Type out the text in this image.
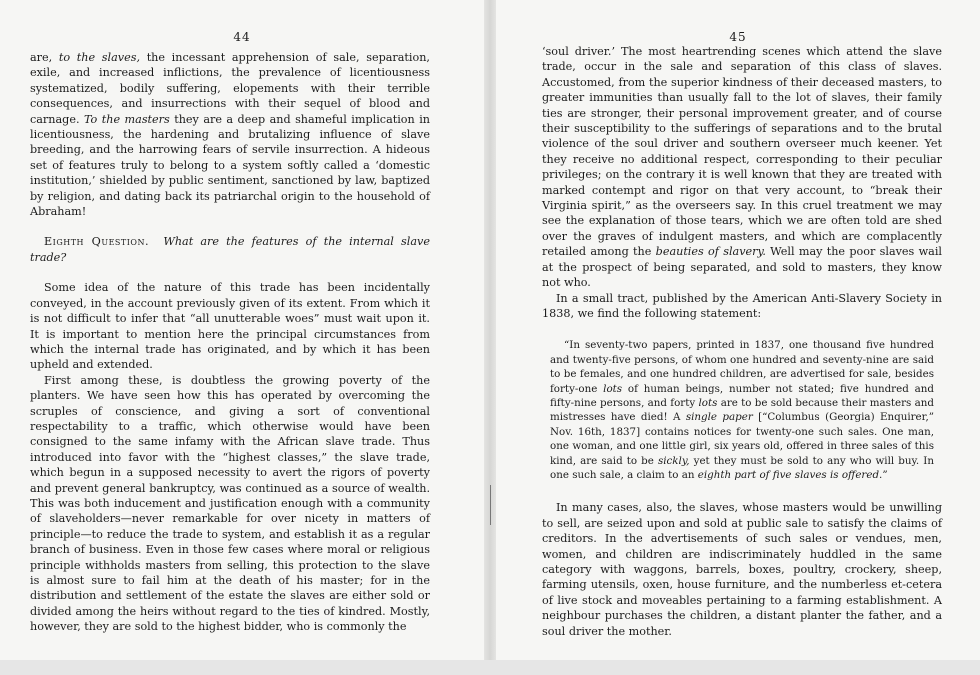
44

are, to the slaves, the incessant apprehension of sale, separation, exile, and increased inflictions, the prevalence of licentiousness systematized, bodily suffering, elopements with their terrible consequences, and insurrections with their sequel of blood and carnage. To the masters they are a deep and shameful implication in licentiousness, the hardening and brutalizing influence of slave breeding, and the harrowing fears of servile insurrection. A hideous set of features truly to belong to a system softly called a ‘domestic institution,’ shielded by public sentiment, sanctioned by law, baptized by religion, and dating back its patriarchal origin to the household of Abraham!

Eighth Question. What are the features of the internal slave trade?

Some idea of the nature of this trade has been incidentally conveyed, in the account previously given of its extent. From which it is not difficult to infer that “all unutterable woes” must wait upon it. It is important to mention here the principal circumstances from which the internal trade has originated, and by which it has been upheld and extended.

First among these, is doubtless the growing poverty of the planters. We have seen how this has operated by overcoming the scruples of conscience, and giving a sort of conventional respectability to a traffic, which otherwise would have been consigned to the same infamy with the African slave trade. Thus introduced into favor with the “highest classes,” the slave trade, which begun in a supposed necessity to avert the rigors of poverty and prevent general bankruptcy, was continued as a source of wealth. This was both inducement and justification enough with a community of slaveholders—never remarkable for over nicety in matters of principle—to reduce the trade to system, and establish it as a regular branch of business. Even in those few cases where moral or religious principle withholds masters from selling, this protection to the slave is almost sure to fail him at the death of his master; for in the distribution and settlement of the estate the slaves are either sold or divided among the heirs without regard to the ties of kindred. Mostly, however, they are sold to the highest bidder, who is commonly the

45

‘soul driver.’ The most heartrending scenes which attend the slave trade, occur in the sale and separation of this class of slaves. Accustomed, from the superior kindness of their deceased masters, to greater immunities than usually fall to the lot of slaves, their family ties are stronger, their personal improvement greater, and of course their susceptibility to the sufferings of separations and to the brutal violence of the soul driver and southern overseer much keener. Yet they receive no additional respect, corresponding to their peculiar privileges; on the contrary it is well known that they are treated with marked contempt and rigor on that very account, to “break their Virginia spirit,” as the overseers say. In this cruel treatment we may see the explanation of those tears, which we are often told are shed over the graves of indulgent masters, and which are complacently retailed among the beauties of slavery. Well may the poor slaves wail at the prospect of being separated, and sold to masters, they know not who.

In a small tract, published by the American Anti-Slavery Society in 1838, we find the following statement:

“In seventy-two papers, printed in 1837, one thousand five hundred and twenty-five persons, of whom one hundred and seventy-nine are said to be females, and one hundred children, are advertised for sale, besides forty-one lots of human beings, number not stated; five hundred and fifty-nine persons, and forty lots are to be sold because their masters and mistresses have died! A single paper [“Columbus (Georgia) Enquirer,” Nov. 16th, 1837] contains notices for twenty-one such sales. One man, one woman, and one little girl, six years old, offered in three sales of this kind, are said to be sickly, yet they must be sold to any who will buy. In one such sale, a claim to an eighth part of five slaves is offered.”

In many cases, also, the slaves, whose masters would be unwilling to sell, are seized upon and sold at public sale to satisfy the claims of creditors. In the advertisements of such sales or vendues, men, women, and children are indiscriminately huddled in the same category with waggons, barrels, boxes, poultry, crockery, sheep, farming utensils, oxen, house furniture, and the numberless et-cetera of live stock and moveables pertaining to a farming establishment. A neighbour purchases the children, a distant planter the father, and a soul driver the mother.
